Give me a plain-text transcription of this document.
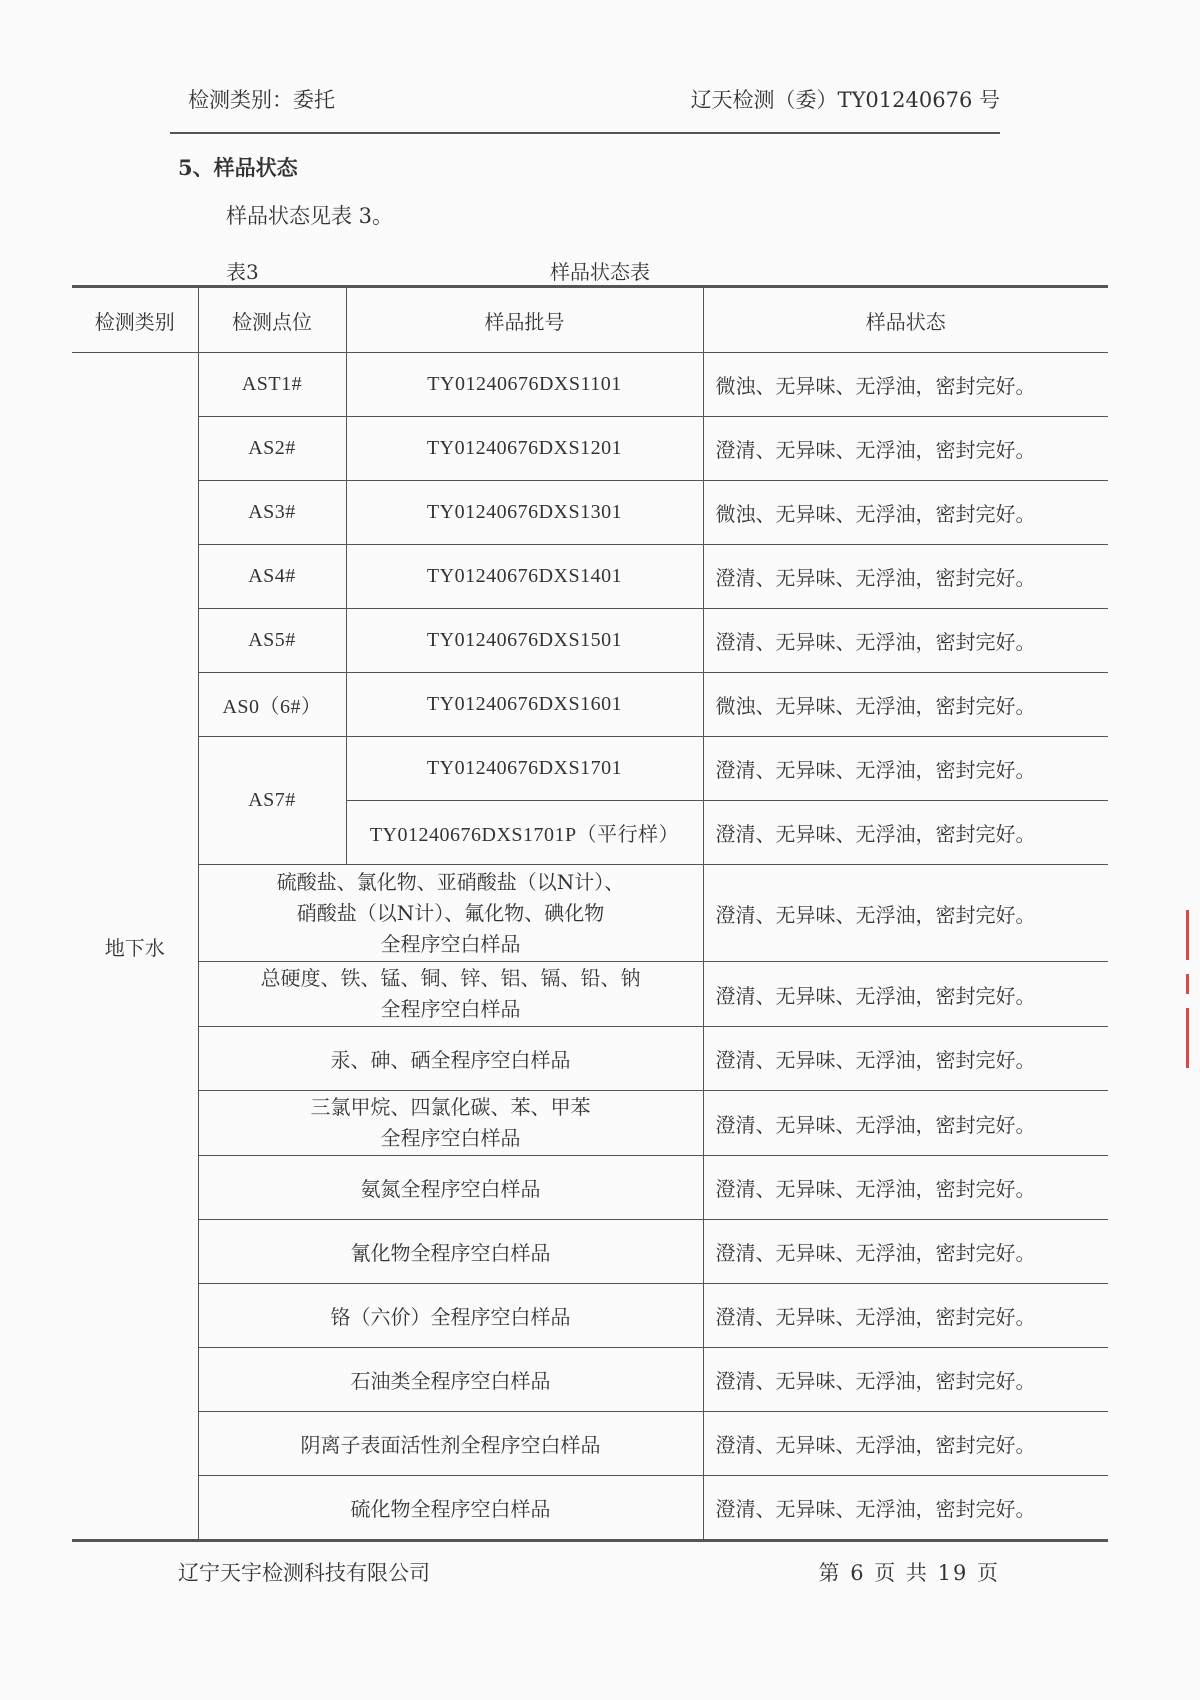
检测类别：委托	辽天检测（委）TY01240676 号
5、样品状态
样品状态见表 3。
表3	样品状态表
检测类别	检测点位	样品批号	样品状态
地下水	AST1#	TY01240676DXS1101	微浊、无异味、无浮油，密封完好。
	AS2#	TY01240676DXS1201	澄清、无异味、无浮油，密封完好。
	AS3#	TY01240676DXS1301	微浊、无异味、无浮油，密封完好。
	AS4#	TY01240676DXS1401	澄清、无异味、无浮油，密封完好。
	AS5#	TY01240676DXS1501	澄清、无异味、无浮油，密封完好。
	AS0（6#）	TY01240676DXS1601	微浊、无异味、无浮油，密封完好。
	AS7#	TY01240676DXS1701	澄清、无异味、无浮油，密封完好。
		TY01240676DXS1701P（平行样）	澄清、无异味、无浮油，密封完好。

	硫酸盐、氯化物、亚硝酸盐（以N计）、
硝酸盐（以N计）、氟化物、碘化物
全程序空白样品		澄清、无异味、无浮油，密封完好。

	总硬度、铁、锰、铜、锌、铝、镉、铅、钠
全程序空白样品		澄清、无异味、无浮油，密封完好。
	汞、砷、硒全程序空白样品		澄清、无异味、无浮油，密封完好。

	三氯甲烷、四氯化碳、苯、甲苯
全程序空白样品		澄清、无异味、无浮油，密封完好。
	氨氮全程序空白样品		澄清、无异味、无浮油，密封完好。
	氰化物全程序空白样品		澄清、无异味、无浮油，密封完好。
	铬（六价）全程序空白样品		澄清、无异味、无浮油，密封完好。
	石油类全程序空白样品		澄清、无异味、无浮油，密封完好。
	阴离子表面活性剂全程序空白样品		澄清、无异味、无浮油，密封完好。
	硫化物全程序空白样品		澄清、无异味、无浮油，密封完好。
辽宁天宇检测科技有限公司	第 6 页 共 19 页
